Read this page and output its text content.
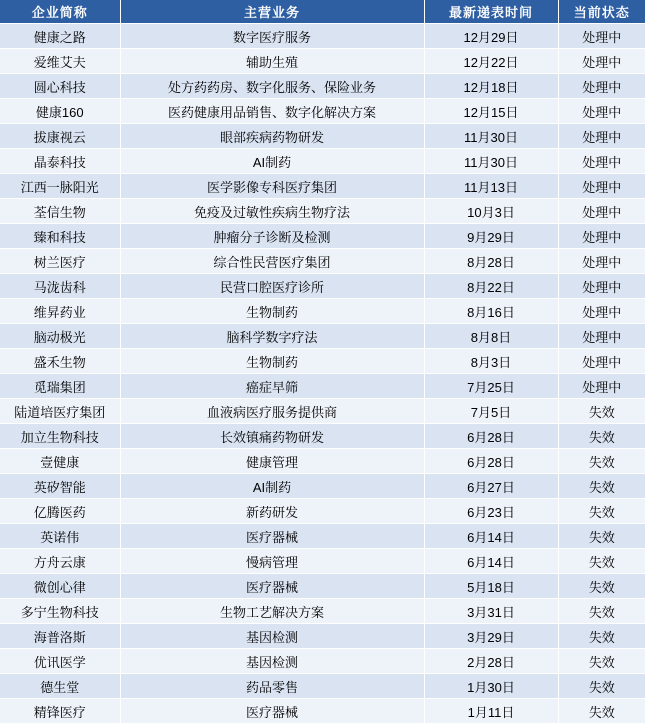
企业简称	主营业务	最新递表时间	当前状态
健康之路	数字医疗服务	12月29日	处理中
爱维艾夫	辅助生殖	12月22日	处理中
圆心科技	处方药药房、数字化服务、保险业务	12月18日	处理中
健康160	医药健康用品销售、数字化解决方案	12月15日	处理中
拔康视云	眼部疾病药物研发	11月30日	处理中
晶泰科技	AI制药	11月30日	处理中
江西一脉阳光	医学影像专科医疗集团	11月13日	处理中
荃信生物	免疫及过敏性疾病生物疗法	10月3日	处理中
臻和科技	肿瘤分子诊断及检测	9月29日	处理中
树兰医疗	综合性民营医疗集团	8月28日	处理中
马泷齿科	民营口腔医疗诊所	8月22日	处理中
维昇药业	生物制药	8月16日	处理中
脑动极光	脑科学数字疗法	8月8日	处理中
盛禾生物	生物制药	8月3日	处理中
觅瑞集团	癌症早筛	7月25日	处理中
陆道培医疗集团	血液病医疗服务提供商	7月5日	失效
加立生物科技	长效镇痛药物研发	6月28日	失效
壹健康	健康管理	6月28日	失效
英矽智能	AI制药	6月27日	失效
亿腾医药	新药研发	6月23日	失效
英诺伟	医疗器械	6月14日	失效
方舟云康	慢病管理	6月14日	失效
微创心律	医疗器械	5月18日	失效
多宁生物科技	生物工艺解决方案	3月31日	失效
海普洛斯	基因检测	3月29日	失效
优讯医学	基因检测	2月28日	失效
德生堂	药品零售	1月30日	失效
精锋医疗	医疗器械	1月11日	失效
